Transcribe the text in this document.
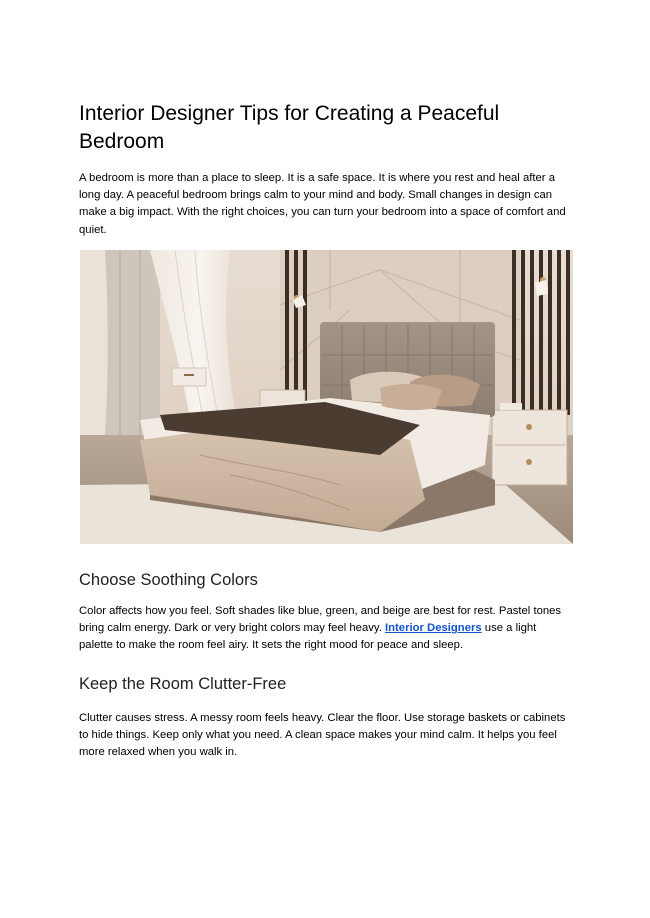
Interior Designer Tips for Creating a Peaceful Bedroom

A bedroom is more than a place to sleep. It is a safe space. It is where you rest and heal after a long day. A peaceful bedroom brings calm to your mind and body. Small changes in design can make a big impact. With the right choices, you can turn your bedroom into a space of comfort and quiet.

Choose Soothing Colors

Color affects how you feel. Soft shades like blue, green, and beige are best for rest. Pastel tones bring calm energy. Dark or very bright colors may feel heavy. Interior Designers use a light palette to make the room feel airy. It sets the right mood for peace and sleep.

Keep the Room Clutter-Free

Clutter causes stress. A messy room feels heavy. Clear the floor. Use storage baskets or cabinets to hide things. Keep only what you need. A clean space makes your mind calm. It helps you feel more relaxed when you walk in.
